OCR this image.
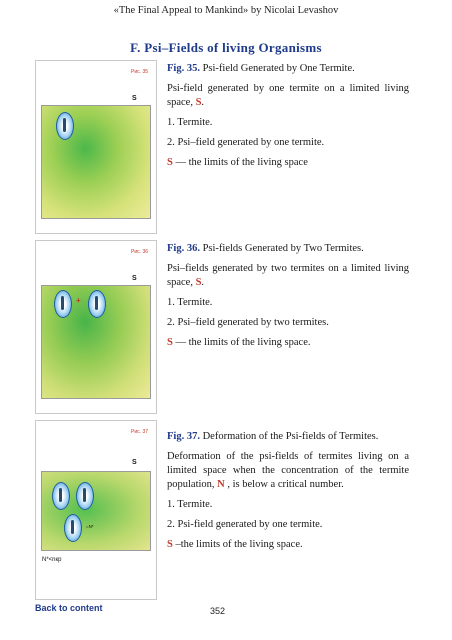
«The Final Appeal to Mankind» by Nicolai Levashov
F. Psi–Fields of living Organisms
Рис. 35
S

Fig. 35. Psi-field Generated by One Termite.

Psi-field generated by one termite on a limited living space, S.

1. Termite.

2. Psi–field generated by one termite.

S — the limits of the living space

Рис. 36
S
+

Fig. 36. Psi-fields Generated by Two Termites.

Psi–fields generated by two termites on a limited living space, S.

1. Termite.

2. Psi–field generated by two termites.

S — the limits of the living space.

Рис. 37
S
=N*
N*<nкр

Fig. 37. Deformation of the Psi-fields of Termites.

Deformation of the psi-fields of termites living on a limited space when the concentration of the termite population, N , is below a critical number.

1. Termite.

2. Psi-field generated by one termite.

S –the limits of the living space.

Back to content	352
